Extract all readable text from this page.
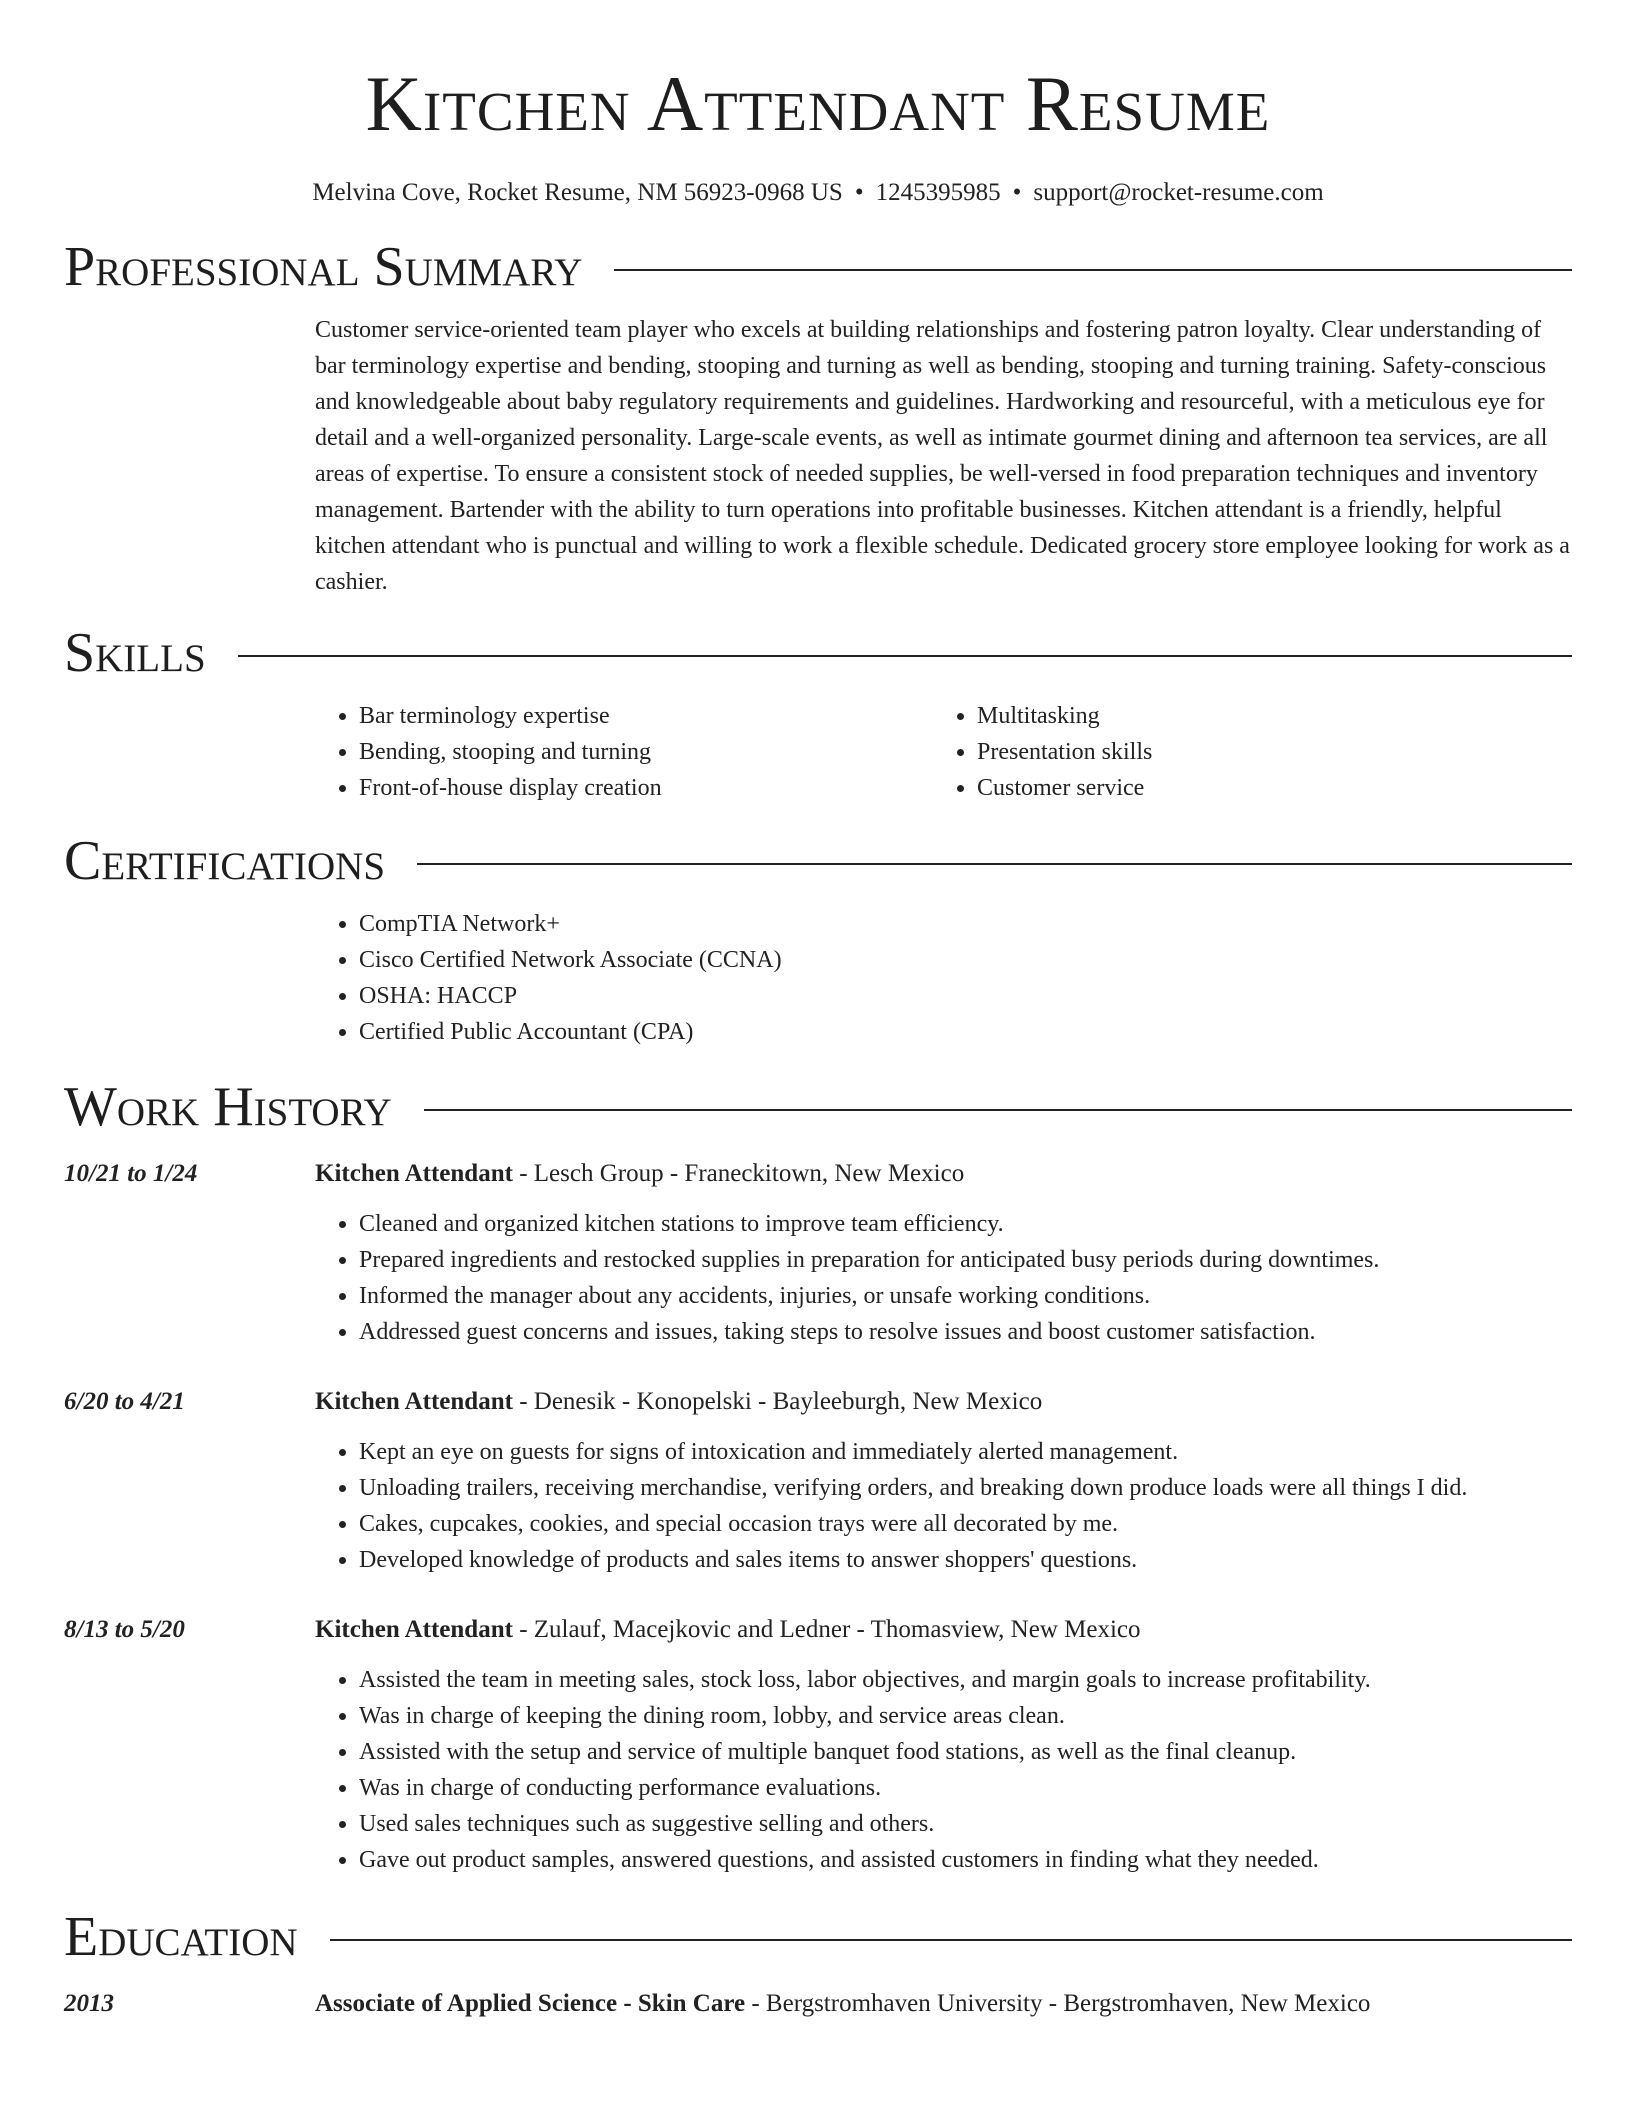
Kitchen Attendant Resume
Melvina Cove, Rocket Resume, NM 56923-0968 US • 1245395985 • support@rocket-resume.com
Professional Summary

Customer service-oriented team player who excels at building relationships and fostering patron loyalty. Clear understanding of bar terminology expertise and bending, stooping and turning as well as bending, stooping and turning training. Safety-conscious and knowledgeable about baby regulatory requirements and guidelines. Hardworking and resourceful, with a meticulous eye for detail and a well-organized personality. Large-scale events, as well as intimate gourmet dining and afternoon tea services, are all areas of expertise. To ensure a consistent stock of needed supplies, be well-versed in food preparation techniques and inventory management. Bartender with the ability to turn operations into profitable businesses. Kitchen attendant is a friendly, helpful kitchen attendant who is punctual and willing to work a flexible schedule. Dedicated grocery store employee looking for work as a cashier.

Skills
• Bar terminology expertise
• Bending, stooping and turning
• Front-of-house display creation
• Multitasking
• Presentation skills
• Customer service
Certifications
• CompTIA Network+
• Cisco Certified Network Associate (CCNA)
• OSHA: HACCP
• Certified Public Accountant (CPA)
Work History
10/21 to 1/24	Kitchen Attendant - Lesch Group - Franeckitown, New Mexico
• Cleaned and organized kitchen stations to improve team efficiency.
• Prepared ingredients and restocked supplies in preparation for anticipated busy periods during downtimes.
• Informed the manager about any accidents, injuries, or unsafe working conditions.
• Addressed guest concerns and issues, taking steps to resolve issues and boost customer satisfaction.
6/20 to 4/21	Kitchen Attendant - Denesik - Konopelski - Bayleeburgh, New Mexico
• Kept an eye on guests for signs of intoxication and immediately alerted management.
• Unloading trailers, receiving merchandise, verifying orders, and breaking down produce loads were all things I did.
• Cakes, cupcakes, cookies, and special occasion trays were all decorated by me.
• Developed knowledge of products and sales items to answer shoppers' questions.
8/13 to 5/20	Kitchen Attendant - Zulauf, Macejkovic and Ledner - Thomasview, New Mexico
• Assisted the team in meeting sales, stock loss, labor objectives, and margin goals to increase profitability.
• Was in charge of keeping the dining room, lobby, and service areas clean.
• Assisted with the setup and service of multiple banquet food stations, as well as the final cleanup.
• Was in charge of conducting performance evaluations.
• Used sales techniques such as suggestive selling and others.
• Gave out product samples, answered questions, and assisted customers in finding what they needed.
Education
2013	Associate of Applied Science - Skin Care - Bergstromhaven University - Bergstromhaven, New Mexico
